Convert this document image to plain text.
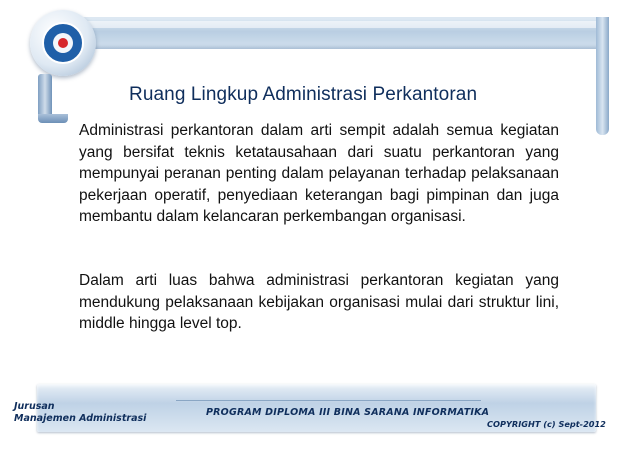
Ruang Lingkup Administrasi Perkantoran

Administrasi perkantoran dalam arti sempit adalah semua kegiatan yang bersifat teknis ketatausahaan dari suatu perkantoran yang mempunyai peranan penting dalam pelayanan terhadap pelaksanaan pekerjaan operatif, penyediaan keterangan bagi pimpinan dan juga membantu dalam kelancaran perkembangan organisasi.

Dalam arti luas bahwa administrasi perkantoran kegiatan yang mendukung pelaksanaan kebijakan organisasi mulai dari struktur lini, middle hingga level top.

Jurusan
Manajemen Administrasi
PROGRAM DIPLOMA III BINA SARANA INFORMATIKA
COPYRIGHT (c) Sept-2012
